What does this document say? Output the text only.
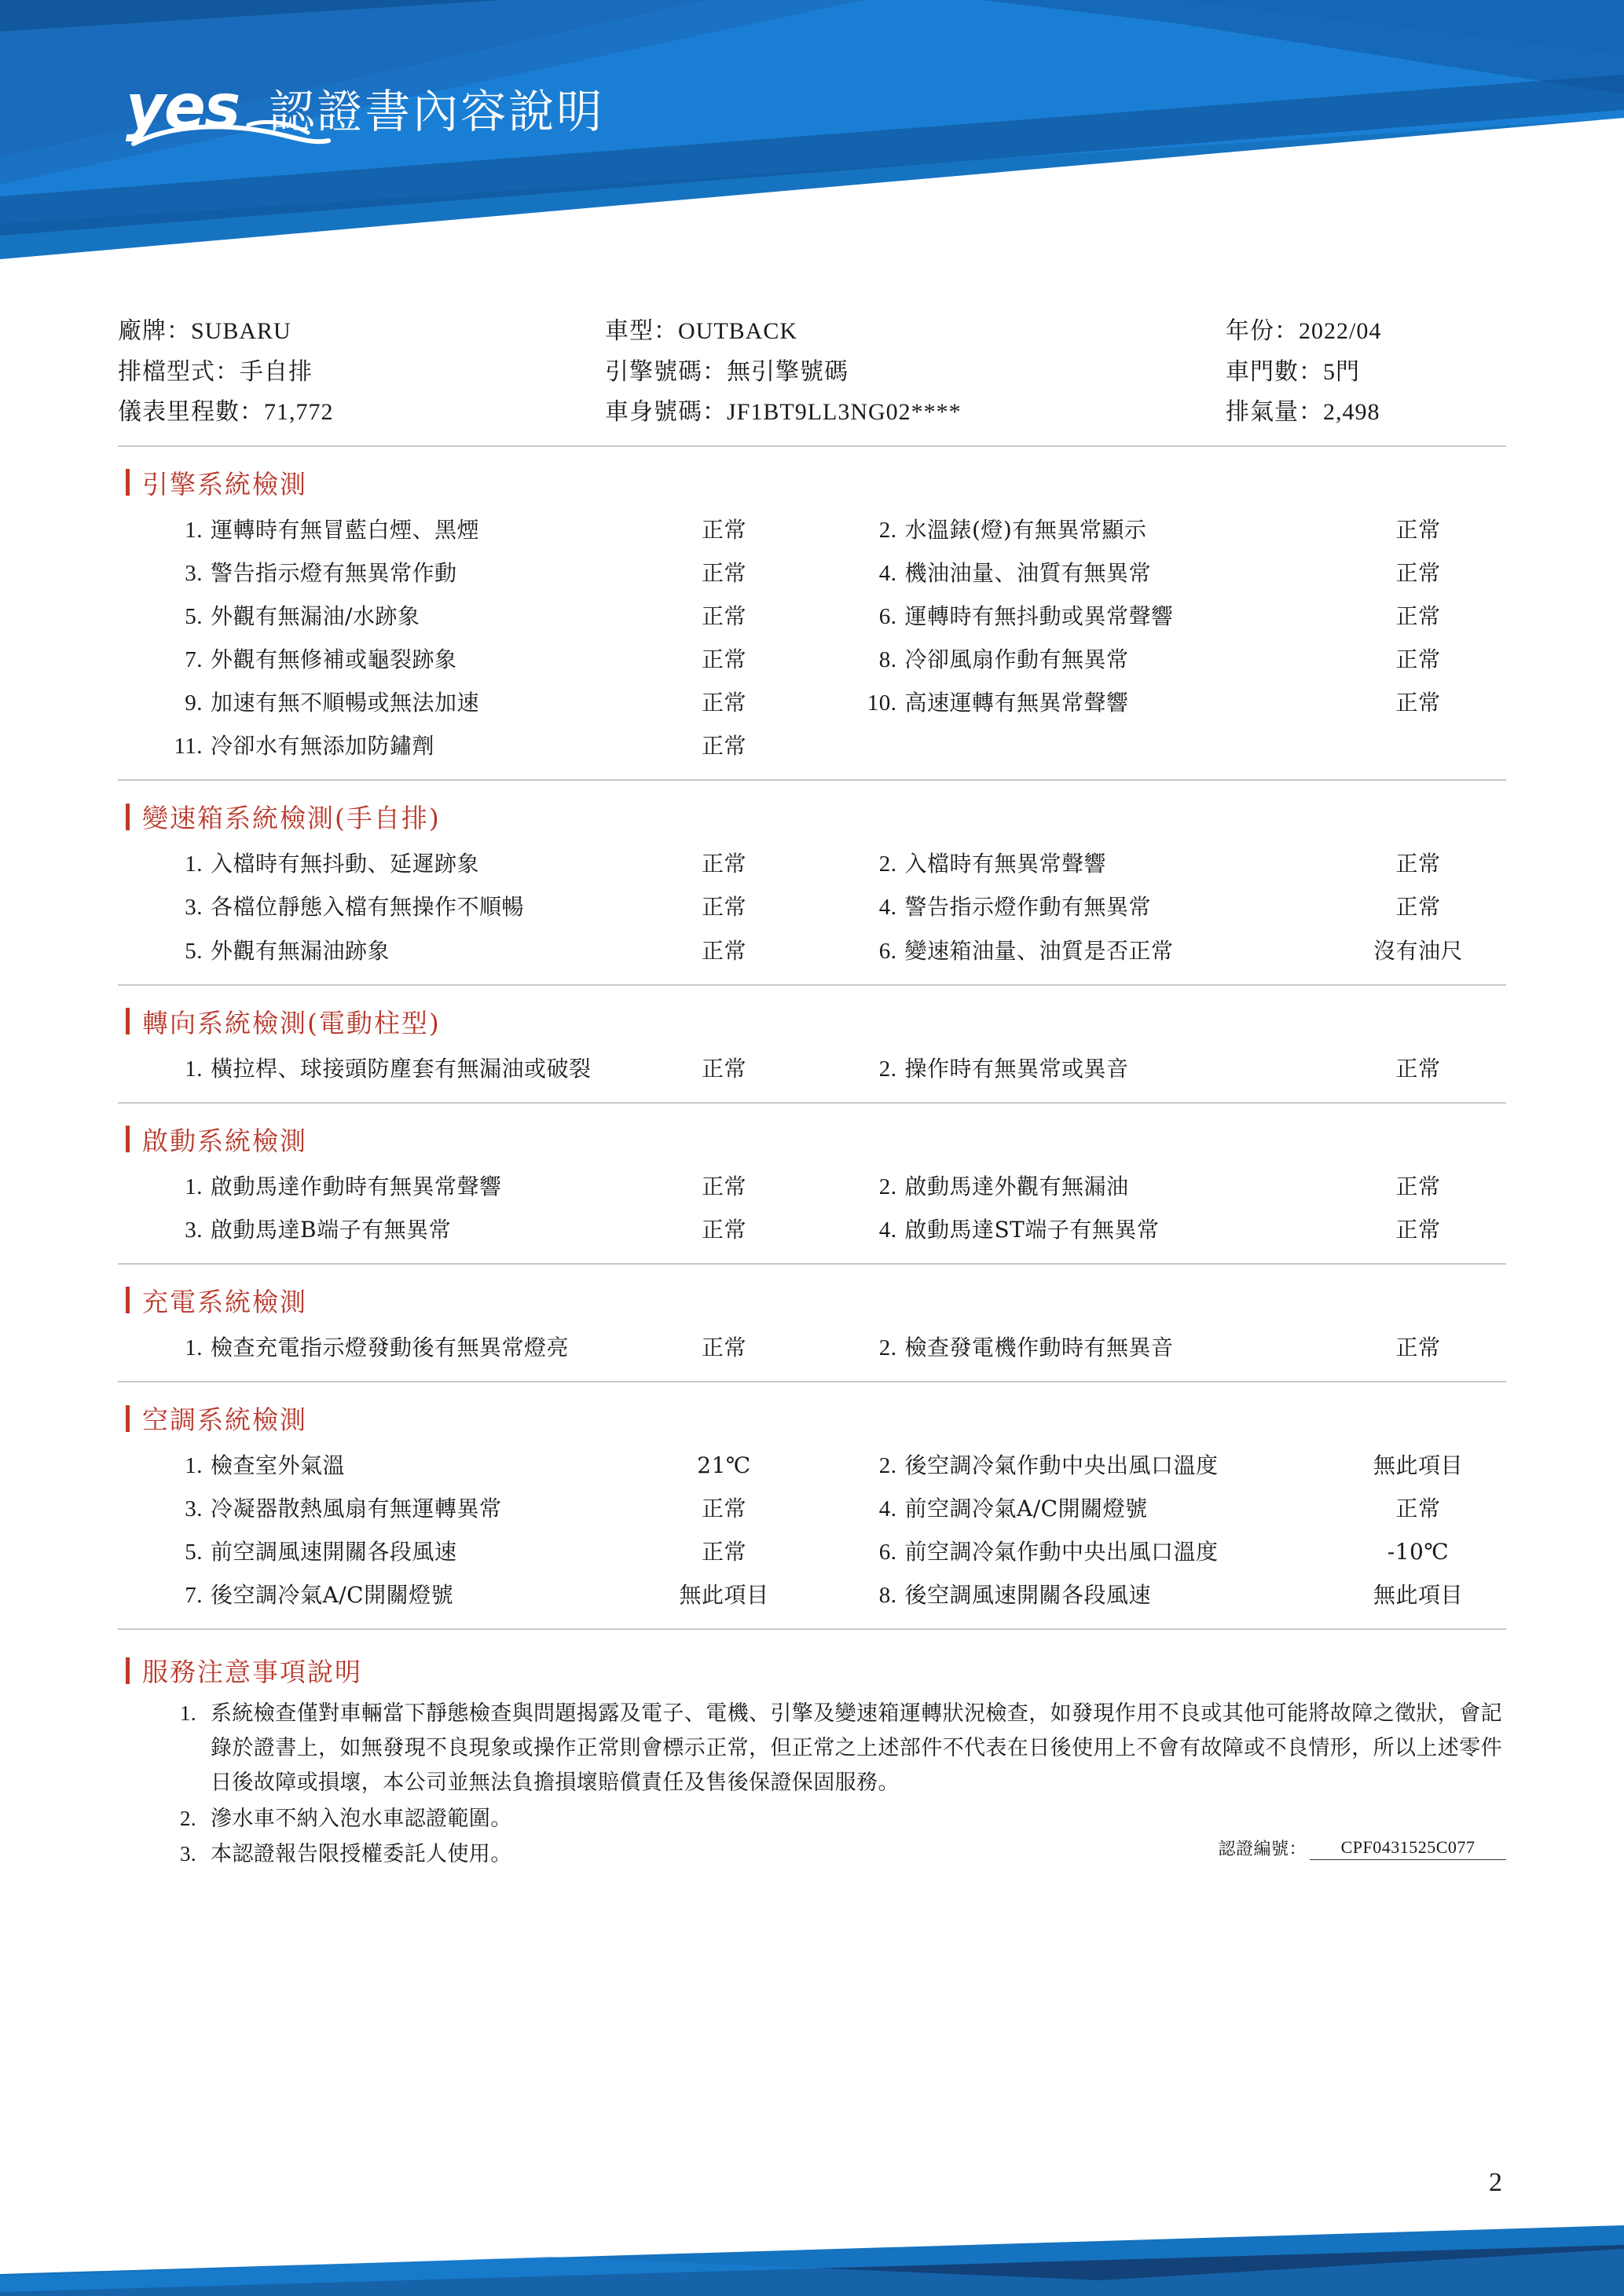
yes 認證書內容說明
廠牌：SUBARU	車型：OUTBACK	年份：2022/04
排檔型式：手自排	引擎號碼：無引擎號碼	車門數：5門
儀表里程數：71,772	車身號碼：JF1BT9LL3NG02****	排氣量：2,498
引擎系統檢測
1. 運轉時有無冒藍白煙、黑煙	正常	2. 水溫錶(燈)有無異常顯示	正常
3. 警告指示燈有無異常作動	正常	4. 機油油量、油質有無異常	正常
5. 外觀有無漏油/水跡象	正常	6. 運轉時有無抖動或異常聲響	正常
7. 外觀有無修補或龜裂跡象	正常	8. 冷卻風扇作動有無異常	正常
9. 加速有無不順暢或無法加速	正常	10. 高速運轉有無異常聲響	正常
11. 冷卻水有無添加防鏽劑	正常
變速箱系統檢測(手自排)
1. 入檔時有無抖動、延遲跡象	正常	2. 入檔時有無異常聲響	正常
3. 各檔位靜態入檔有無操作不順暢	正常	4. 警告指示燈作動有無異常	正常
5. 外觀有無漏油跡象	正常	6. 變速箱油量、油質是否正常	沒有油尺
轉向系統檢測(電動柱型)
1. 橫拉桿、球接頭防塵套有無漏油或破裂	正常	2. 操作時有無異常或異音	正常
啟動系統檢測
1. 啟動馬達作動時有無異常聲響	正常	2. 啟動馬達外觀有無漏油	正常
3. 啟動馬達B端子有無異常	正常	4. 啟動馬達ST端子有無異常	正常
充電系統檢測
1. 檢查充電指示燈發動後有無異常燈亮	正常	2. 檢查發電機作動時有無異音	正常
空調系統檢測
1. 檢查室外氣溫	21℃	2. 後空調冷氣作動中央出風口溫度	無此項目
3. 冷凝器散熱風扇有無運轉異常	正常	4. 前空調冷氣A/C開關燈號	正常
5. 前空調風速開關各段風速	正常	6. 前空調冷氣作動中央出風口溫度	-10℃
7. 後空調冷氣A/C開關燈號	無此項目	8. 後空調風速開關各段風速	無此項目
服務注意事項說明
1. 系統檢查僅對車輛當下靜態檢查與問題揭露及電子、電機、引擎及變速箱運轉狀況檢查，如發現作用不良或其他可能將故障之徵狀，會記錄於證書上，如無發現不良現象或操作正常則會標示正常，但正常之上述部件不代表在日後使用上不會有故障或不良情形，所以上述零件日後故障或損壞，本公司並無法負擔損壞賠償責任及售後保證保固服務。
2. 滲水車不納入泡水車認證範圍。
3. 本認證報告限授權委託人使用。	認證編號：	CPF0431525C077
2
